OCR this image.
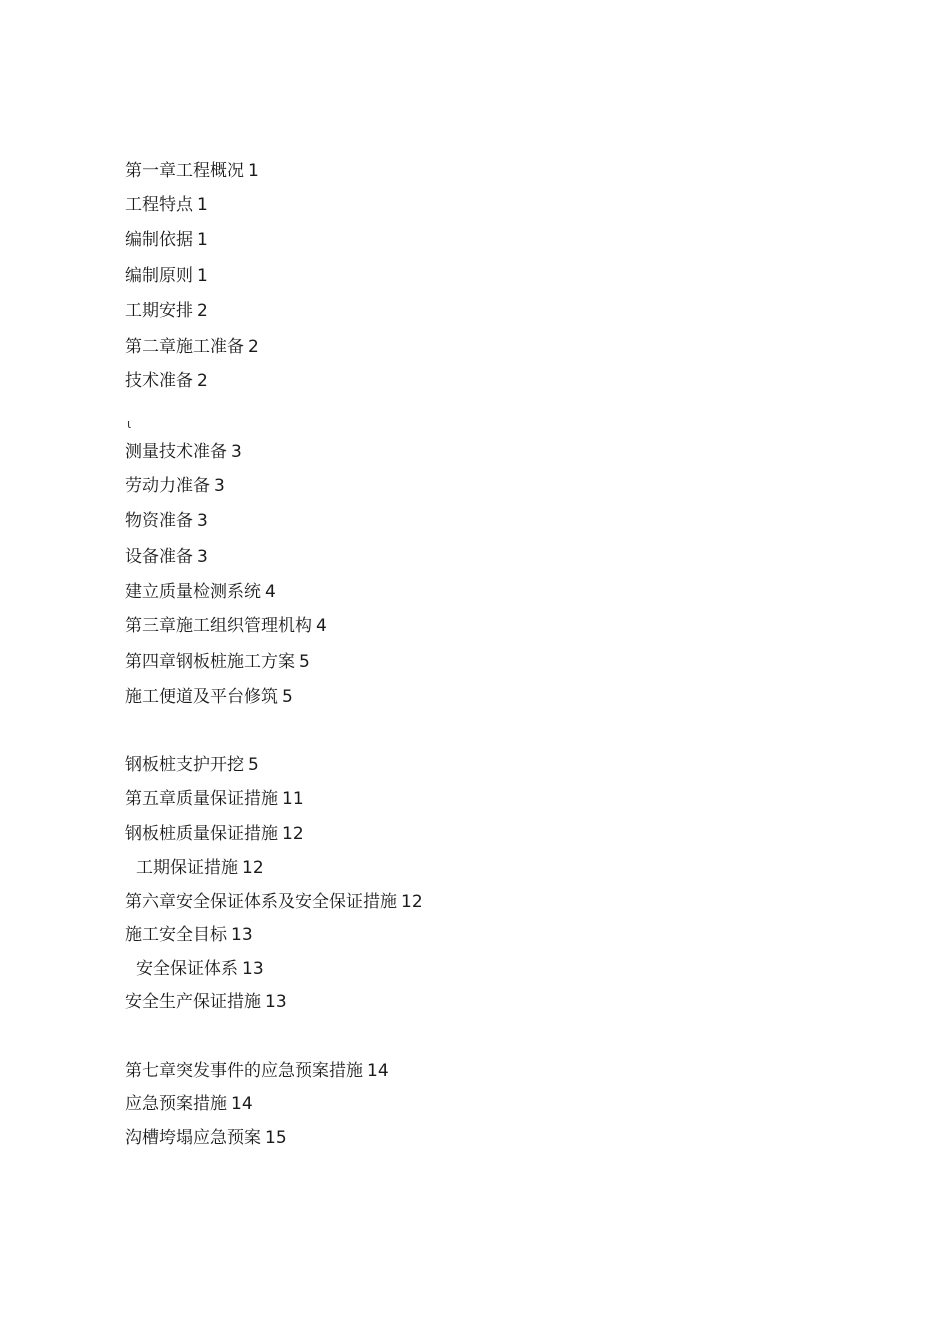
第一章工程概况 1
工程特点 1
编制依据 1
编制原则 1
工期安排 2
第二章施工准备 2
技术准备 2
ɩ
测量技术准备 3
劳动力准备 3
物资准备 3
设备准备 3
建立质量检测系统 4
第三章施工组织管理机构 4
第四章钢板桩施工方案 5
施工便道及平台修筑 5
钢板桩支护开挖 5
第五章质量保证措施 11
钢板桩质量保证措施 12
工期保证措施 12
第六章安全保证体系及安全保证措施 12
施工安全目标 13
安全保证体系 13
安全生产保证措施 13
第七章突发事件的应急预案措施 14
应急预案措施 14
沟槽垮塌应急预案 15
